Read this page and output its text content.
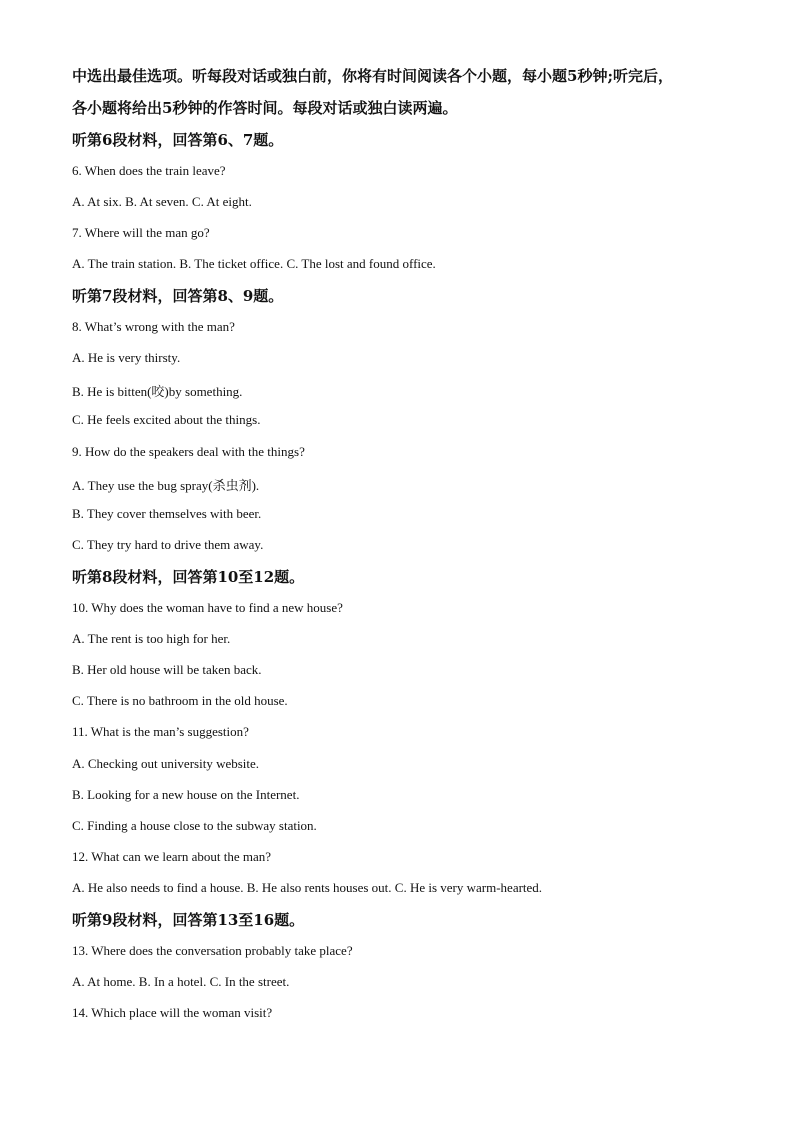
中选出最佳选项。听每段对话或独白前，你将有时间阅读各个小题，每小题5秒钟;听完后，
各小题将给出5秒钟的作答时间。每段对话或独白读两遍。
听第6段材料，回答第6、7题。
6. When does the train leave?
A. At six. B. At seven. C. At eight.
7. Where will the man go?
A. The train station. B. The ticket office. C. The lost and found office.
听第7段材料，回答第8、9题。
8. What’s wrong with the man?
A. He is very thirsty.
B. He is bitten(咬)by something.
C. He feels excited about the things.
9. How do the speakers deal with the things?
A. They use the bug spray(杀虫剂).
B. They cover themselves with beer.
C. They try hard to drive them away.
听第8段材料，回答第10至12题。
10. Why does the woman have to find a new house?
A. The rent is too high for her.
B. Her old house will be taken back.
C. There is no bathroom in the old house.
11. What is the man’s suggestion?
A. Checking out university website.
B. Looking for a new house on the Internet.
C. Finding a house close to the subway station.
12. What can we learn about the man?
A. He also needs to find a house. B. He also rents houses out. C. He is very warm-hearted.
听第9段材料，回答第13至16题。
13. Where does the conversation probably take place?
A. At home. B. In a hotel. C. In the street.
14. Which place will the woman visit?
